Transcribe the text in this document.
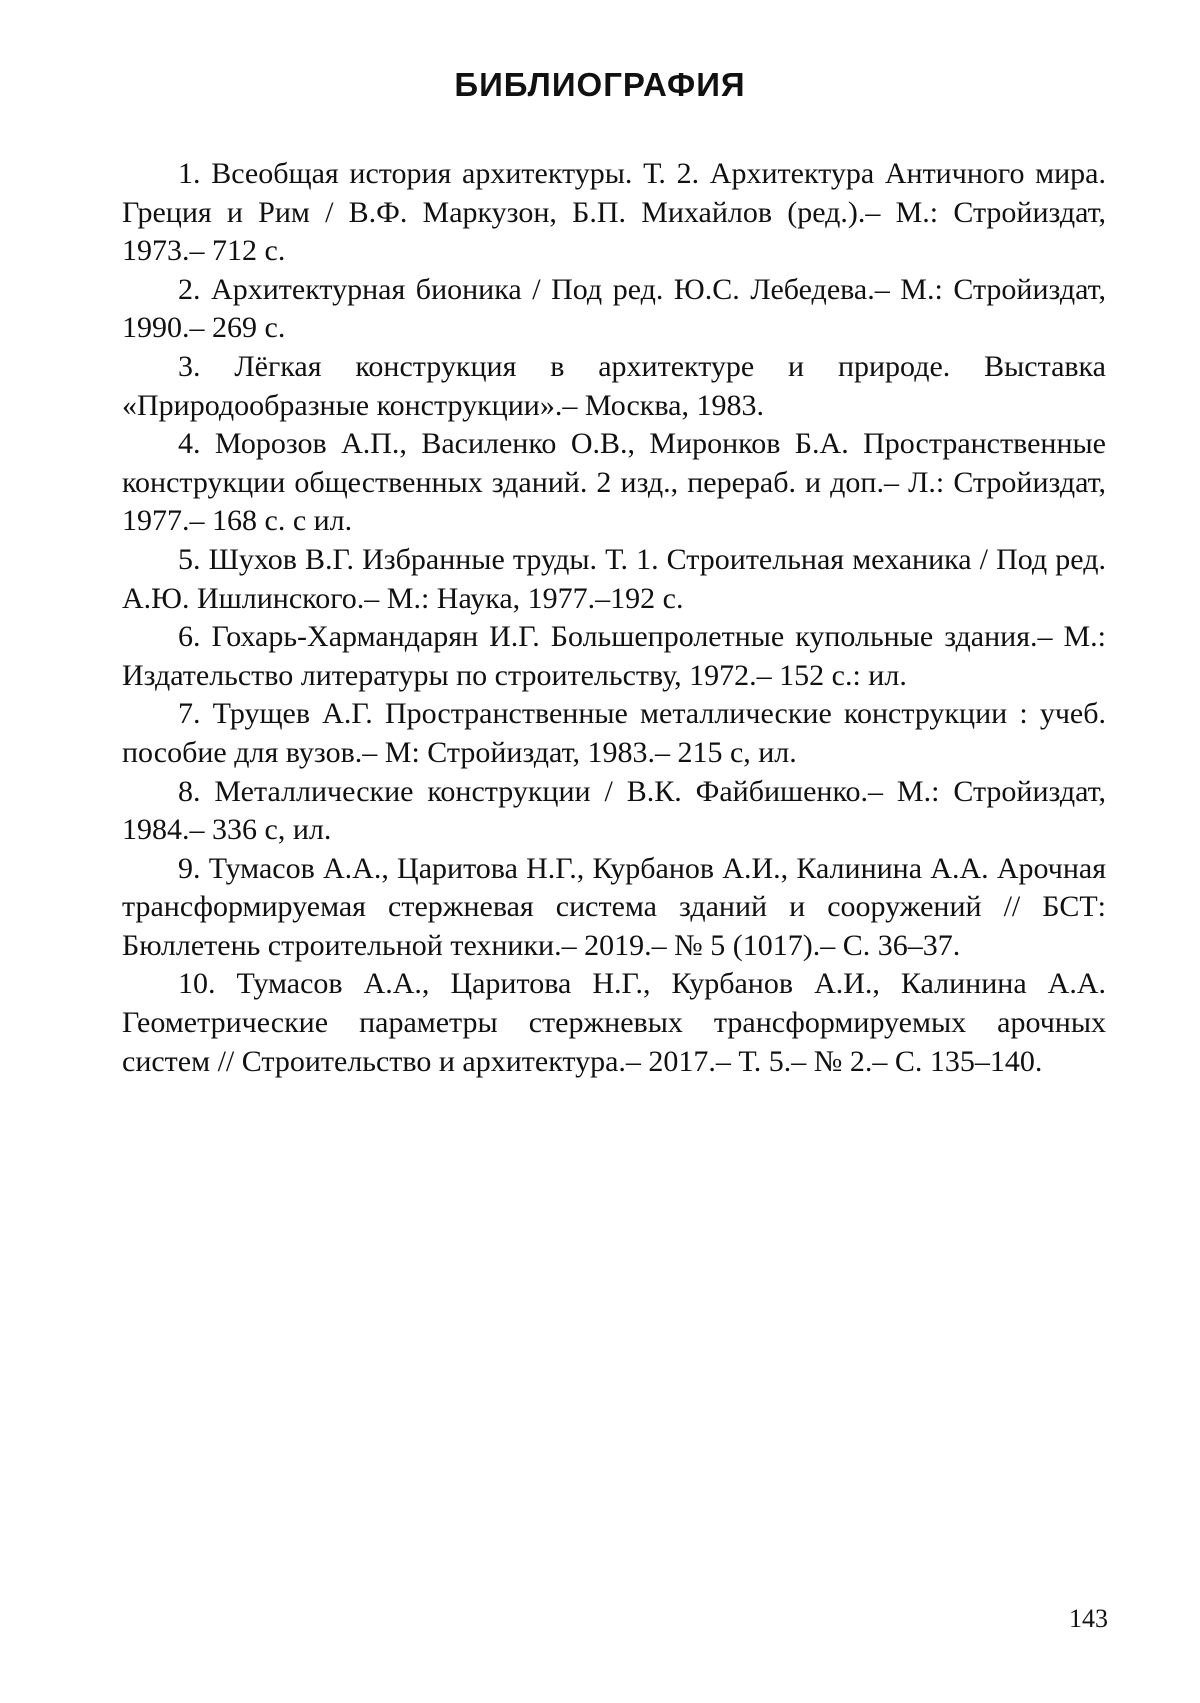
БИБЛИОГРАФИЯ
1. Всеобщая история архитектуры. Т. 2. Архитектура Античного мира. Греция и Рим / В.Ф. Маркузон, Б.П. Михайлов (ред.).– М.: Стройиздат, 1973.– 712 с.
2. Архитектурная бионика / Под ред. Ю.С. Лебедева.– М.: Стройиздат, 1990.– 269 с.
3. Лёгкая конструкция в архитектуре и природе. Выставка «Природообразные конструкции».– Москва, 1983.
4. Морозов А.П., Василенко О.В., Миронков Б.А. Пространственные конструкции общественных зданий. 2 изд., перераб. и доп.– Л.: Стройиздат, 1977.– 168 с. с ил.
5. Шухов В.Г. Избранные труды. Т. 1. Строительная механика / Под ред. А.Ю. Ишлинского.– М.: Наука, 1977.–192 с.
6. Гохарь-Хармандарян И.Г. Большепролетные купольные здания.– М.: Издательство литературы по строительству, 1972.– 152 с.: ил.
7. Трущев А.Г. Пространственные металлические конструкции : учеб. пособие для вузов.– М: Стройиздат, 1983.– 215 с, ил.
8. Металлические конструкции / В.К. Файбишенко.– М.: Стройиздат, 1984.– 336 с, ил.
9. Тумасов А.А., Царитова Н.Г., Курбанов А.И., Калинина А.А. Арочная трансформируемая стержневая система зданий и сооружений // БСТ: Бюллетень строительной техники.– 2019.– № 5 (1017).– С. 36–37.
10. Тумасов А.А., Царитова Н.Г., Курбанов А.И., Калинина А.А. Геометрические параметры стержневых трансформируемых арочных систем // Строительство и архитектура.– 2017.– Т. 5.– № 2.– С. 135–140.
143
